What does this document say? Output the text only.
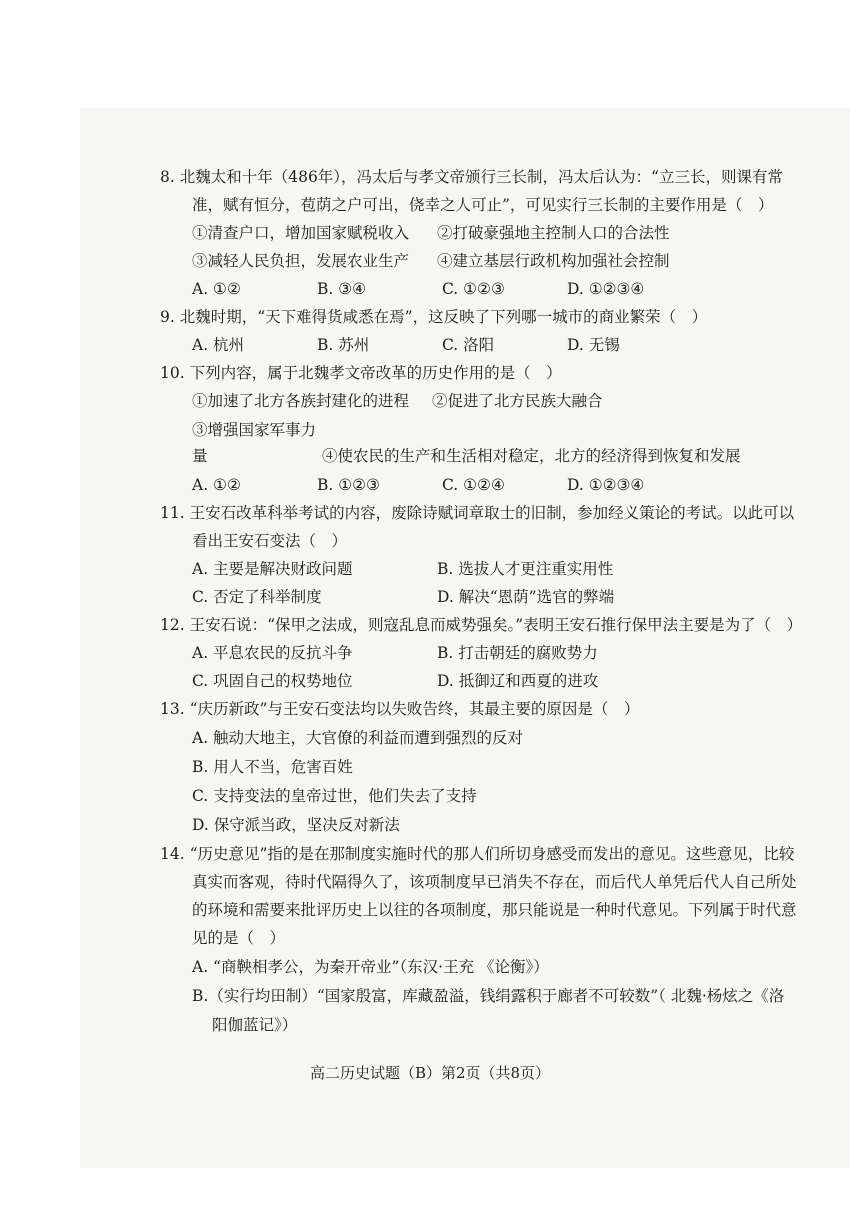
8. 北魏太和十年（486年），冯太后与孝文帝颁行三长制，冯太后认为：“立三长，则课有常
准，赋有恒分，苞荫之户可出，侥幸之人可止”，可见实行三长制的主要作用是（　）
①清查户口，增加国家赋税收入	②打破豪强地主控制人口的合法性
③减轻人民负担，发展农业生产	④建立基层行政机构加强社会控制
A. ①②	B. ③④	C. ①②③	D. ①②③④
9. 北魏时期，“天下难得货咸悉在焉”，这反映了下列哪一城市的商业繁荣（　）
A. 杭州	B. 苏州	C. 洛阳	D. 无锡
10. 下列内容，属于北魏孝文帝改革的历史作用的是（　）
①加速了北方各族封建化的进程	②促进了北方民族大融合
③增强国家军事力量	④使农民的生产和生活相对稳定，北方的经济得到恢复和发展
A. ①②	B. ①②③	C. ①②④	D. ①②③④
11. 王安石改革科举考试的内容，废除诗赋词章取士的旧制，参加经义策论的考试。以此可以
看出王安石变法（　）
A. 主要是解决财政问题	B. 选拔人才更注重实用性
C. 否定了科举制度	D. 解决“恩荫”选官的弊端
12. 王安石说：“保甲之法成，则寇乱息而威势强矣。”表明王安石推行保甲法主要是为了（　）
A. 平息农民的反抗斗争	B. 打击朝廷的腐败势力
C. 巩固自己的权势地位	D. 抵御辽和西夏的进攻
13. “庆历新政”与王安石变法均以失败告终，其最主要的原因是（　）
A. 触动大地主，大官僚的利益而遭到强烈的反对
B. 用人不当，危害百姓
C. 支持变法的皇帝过世，他们失去了支持
D. 保守派当政，坚决反对新法
14. “历史意见”指的是在那制度实施时代的那人们所切身感受而发出的意见。这些意见，比较
真实而客观，待时代隔得久了，该项制度早已消失不存在，而后代人单凭后代人自己所处
的环境和需要来批评历史上以往的各项制度，那只能说是一种时代意见。下列属于时代意
见的是（　）
A. “商鞅相孝公，为秦开帝业”（东汉·王充 《论衡》）
B.（实行均田制）“国家殷富，库藏盈溢，钱绢露积于廊者不可较数”（ 北魏·杨炫之《洛
阳伽蓝记》）
高二历史试题（B）第2页（共8页）
